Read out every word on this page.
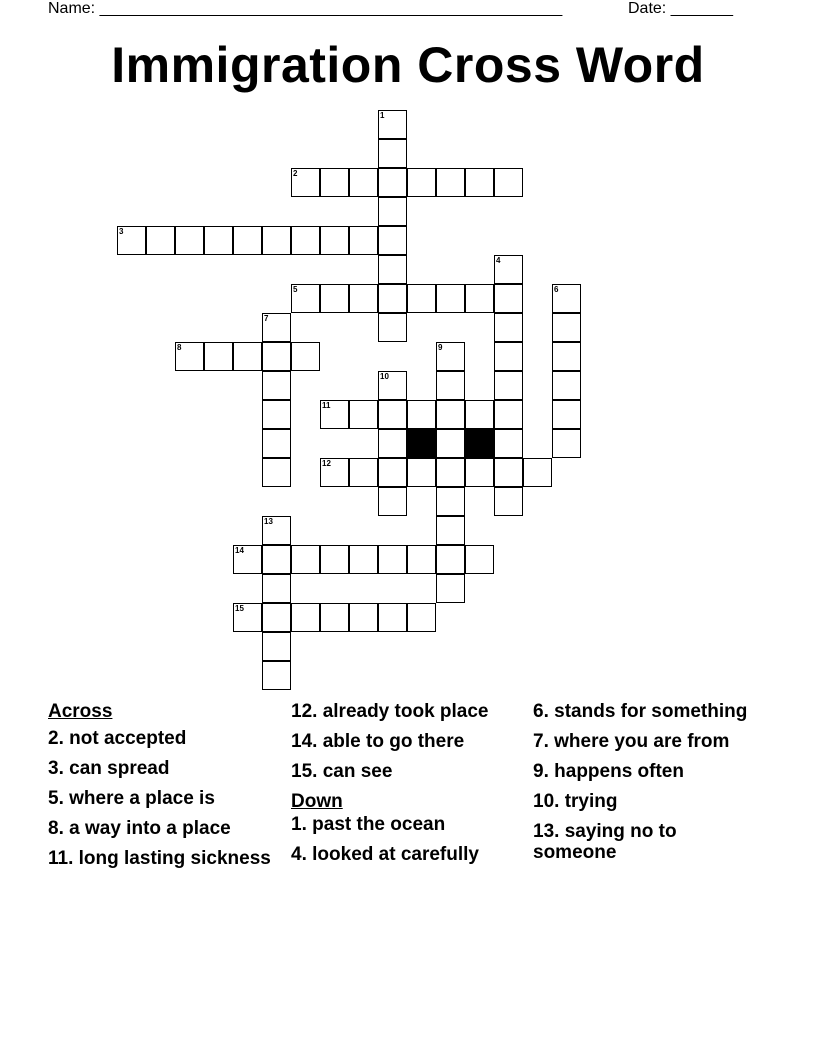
Name: ____________________________________________________	Date: _______
Immigration Cross Word
1
2
3
4
5	6
7
8	9
10
11
12
13
14
15
Across
2. not accepted
3. can spread
5. where a place is
8. a way into a place
11. long lasting sickness
12. already took place
14. able to go there
15. can see
Down
1. past the ocean
4. looked at carefully
6. stands for something
7. where you are from
9. happens often
10. trying
13. saying no to someone
